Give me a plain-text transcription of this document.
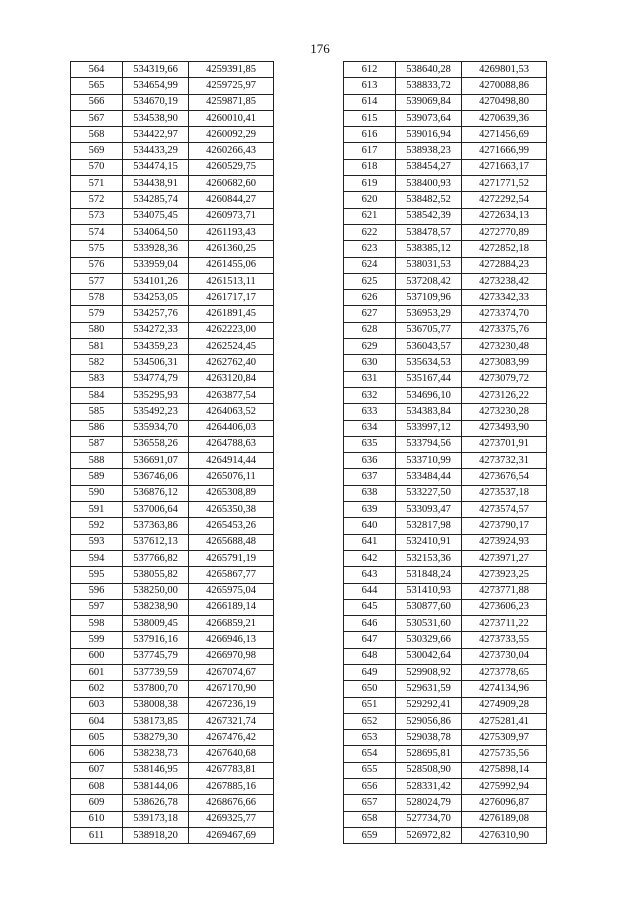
176
564	534319,66	4259391,85
565	534654,99	4259725,97
566	534670,19	4259871,85
567	534538,90	4260010,41
568	534422,97	4260092,29
569	534433,29	4260266,43
570	534474,15	4260529,75
571	534438,91	4260682,60
572	534285,74	4260844,27
573	534075,45	4260973,71
574	534064,50	4261193,43
575	533928,36	4261360,25
576	533959,04	4261455,06
577	534101,26	4261513,11
578	534253,05	4261717,17
579	534257,76	4261891,45
580	534272,33	4262223,00
581	534359,23	4262524,45
582	534506,31	4262762,40
583	534774,79	4263120,84
584	535295,93	4263877,54
585	535492,23	4264063,52
586	535934,70	4264406,03
587	536558,26	4264788,63
588	536691,07	4264914,44
589	536746,06	4265076,11
590	536876,12	4265308,89
591	537006,64	4265350,38
592	537363,86	4265453,26
593	537612,13	4265688,48
594	537766,82	4265791,19
595	538055,82	4265867,77
596	538250,00	4265975,04
597	538238,90	4266189,14
598	538009,45	4266859,21
599	537916,16	4266946,13
600	537745,79	4266970,98
601	537739,59	4267074,67
602	537800,70	4267170,90
603	538008,38	4267236,19
604	538173,85	4267321,74
605	538279,30	4267476,42
606	538238,73	4267640,68
607	538146,95	4267783,81
608	538144,06	4267885,16
609	538626,78	4268676,66
610	539173,18	4269325,77
611	538918,20	4269467,69
612	538640,28	4269801,53
613	538833,72	4270088,86
614	539069,84	4270498,80
615	539073,64	4270639,36
616	539016,94	4271456,69
617	538938,23	4271666,99
618	538454,27	4271663,17
619	538400,93	4271771,52
620	538482,52	4272292,54
621	538542,39	4272634,13
622	538478,57	4272770,89
623	538385,12	4272852,18
624	538031,53	4272884,23
625	537208,42	4273238,42
626	537109,96	4273342,33
627	536953,29	4273374,70
628	536705,77	4273375,76
629	536043,57	4273230,48
630	535634,53	4273083,99
631	535167,44	4273079,72
632	534696,10	4273126,22
633	534383,84	4273230,28
634	533997,12	4273493,90
635	533794,56	4273701,91
636	533710,99	4273732,31
637	533484,44	4273676,54
638	533227,50	4273537,18
639	533093,47	4273574,57
640	532817,98	4273790,17
641	532410,91	4273924,93
642	532153,36	4273971,27
643	531848,24	4273923,25
644	531410,93	4273771,88
645	530877,60	4273606,23
646	530531,60	4273711,22
647	530329,66	4273733,55
648	530042,64	4273730,04
649	529908,92	4273778,65
650	529631,59	4274134,96
651	529292,41	4274909,28
652	529056,86	4275281,41
653	529038,78	4275309,97
654	528695,81	4275735,56
655	528508,90	4275898,14
656	528331,42	4275992,94
657	528024,79	4276096,87
658	527734,70	4276189,08
659	526972,82	4276310,90
